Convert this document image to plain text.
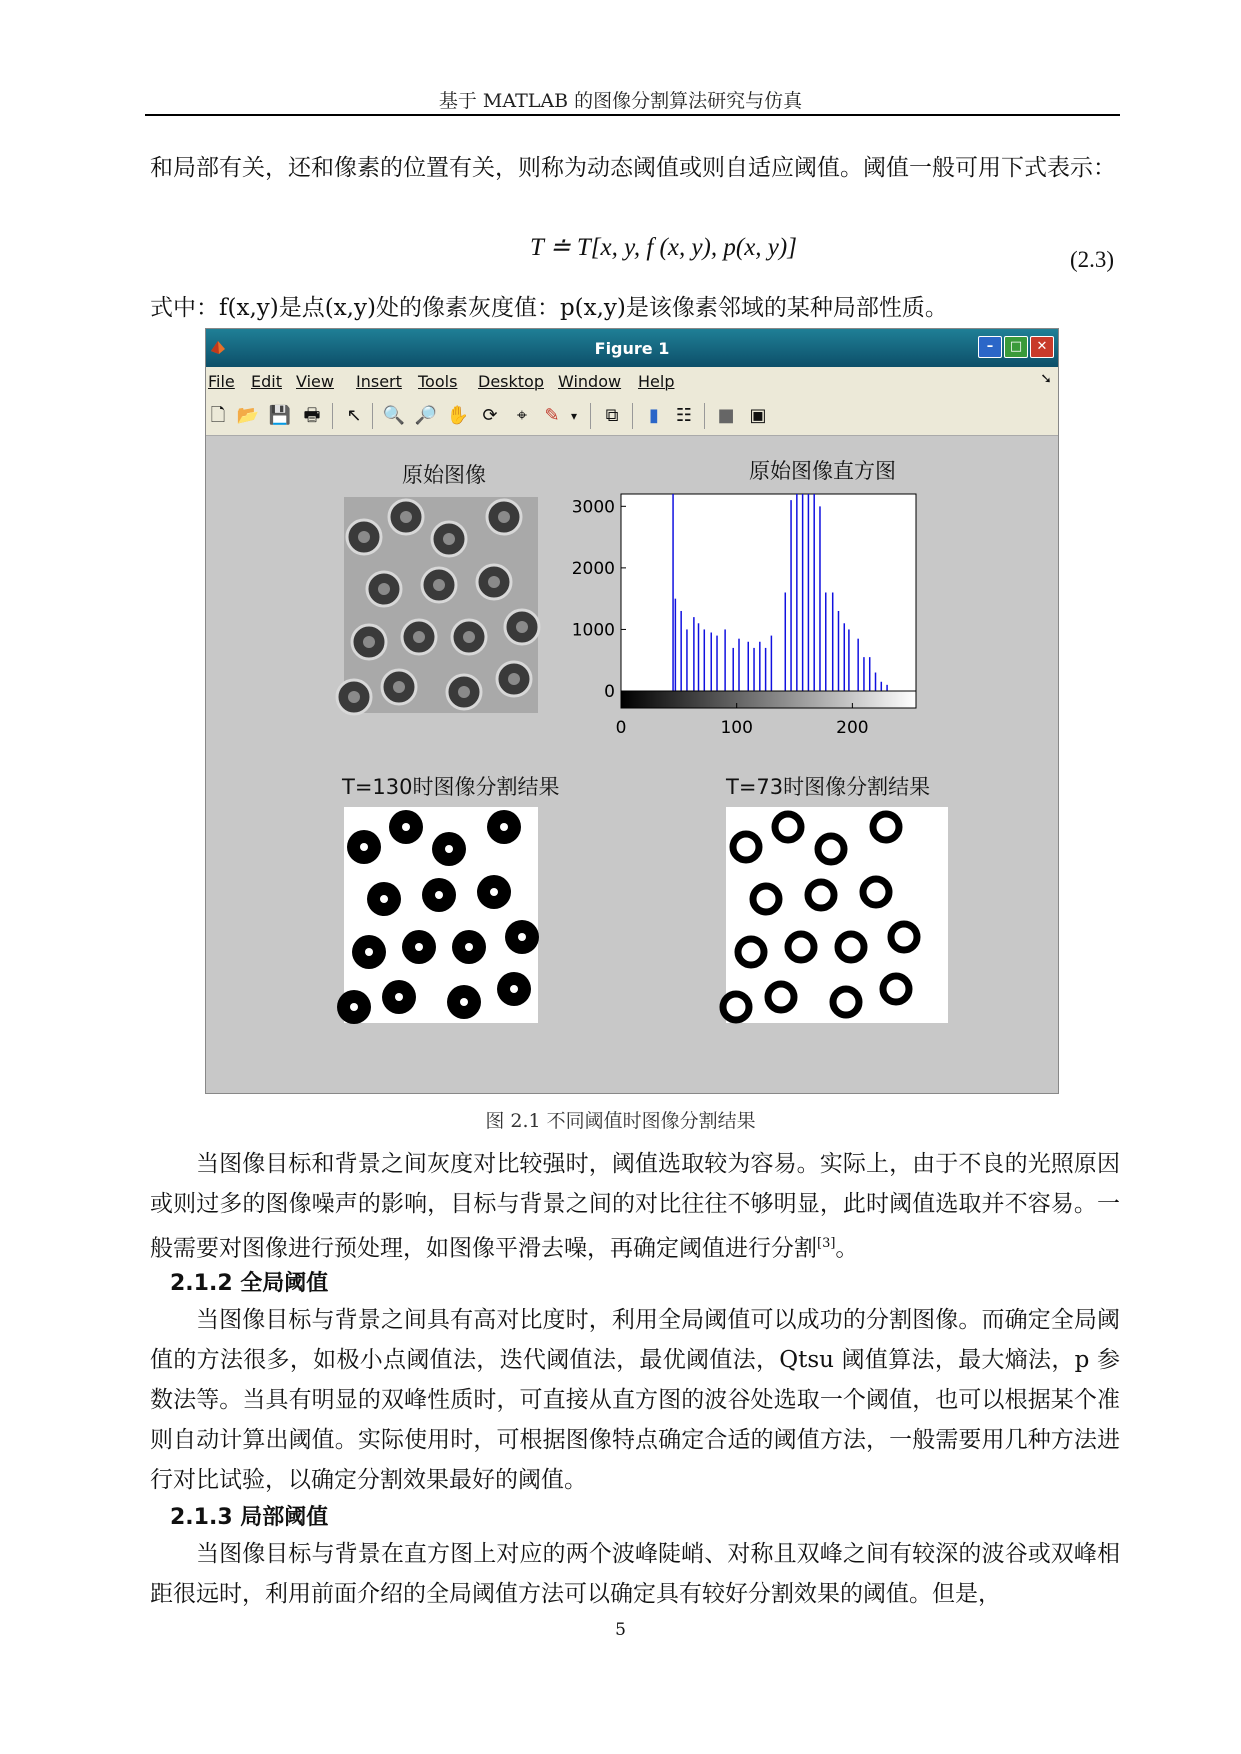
基于 MATLAB 的图像分割算法研究与仿真

和局部有关，还和像素的位置有关，则称为动态阈值或则自适应阈值。阈值一般可用下式表示：

T ≐ T[x, y, f (x, y), p(x, y)]	(2.3)

式中：f(x,y)是点(x,y)处的像素灰度值：p(x,y)是该像素邻域的某种局部性质。

Figure 1	–	□	✕
File Edit View Insert Tools Desktop Window Help	➘
🗋 📂 💾 🖶 ↖ 🔍 🔎 ✋ ⟳	⌖ ✎ ▾	⧉	▮ ☷ ■ ▣
原始图像	原始图像直方图
T=130时图像分割结果	T=73时图像分割结果
0
1000
2000
3000
0	100	200
图 2.1 不同阈值时图像分割结果

当图像目标和背景之间灰度对比较强时，阈值选取较为容易。实际上，由于不良的光照原因或则过多的图像噪声的影响，目标与背景之间的对比往往不够明显，此时阈值选取并不容易。一般需要对图像进行预处理，如图像平滑去噪，再确定阈值进行分割[3]。

2.1.2 全局阈值

当图像目标与背景之间具有高对比度时，利用全局阈值可以成功的分割图像。而确定全局阈值的方法很多，如极小点阈值法，迭代阈值法，最优阈值法，Qtsu 阈值算法，最大熵法，p 参数法等。当具有明显的双峰性质时，可直接从直方图的波谷处选取一个阈值，也可以根据某个准则自动计算出阈值。实际使用时，可根据图像特点确定合适的阈值方法，一般需要用几种方法进行对比试验，以确定分割效果最好的阈值。

2.1.3 局部阈值

当图像目标与背景在直方图上对应的两个波峰陡峭、对称且双峰之间有较深的波谷或双峰相距很远时，利用前面介绍的全局阈值方法可以确定具有较好分割效果的阈值。但是，

5
